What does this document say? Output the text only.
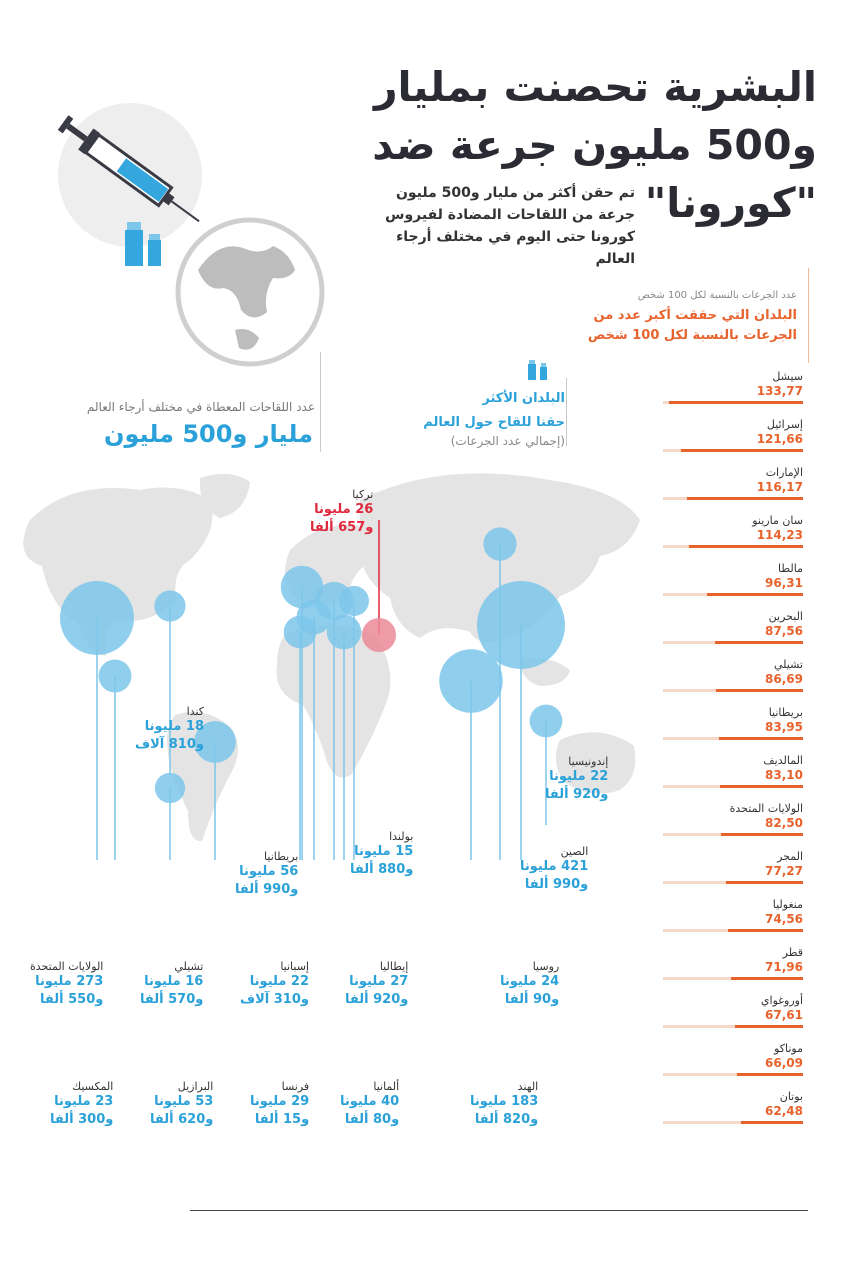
البشرية تحصنت بمليار
و500 مليون جرعة ضد
"كورونا"
تم حقن أكثر من مليار و500 مليون جرعة من اللقاحات المضادة لفيروس كورونا حتى اليوم في مختلف أرجاء العالم
عدد اللقاحات المعطاة في مختلف أرجاء العالم
مليار و500 مليون
البلدان الأكثر
حقنا للقاح حول العالم
(إجمالي عدد الجرعات)
عدد الجرعات بالنسبة لكل 100 شخص
البلدان التي حققت أكبر عدد من
الجرعات بالنسبة لكل 100 شخص
سيشل
133,77
إسرائيل
121,66
الإمارات
116,17
سان مارينو
114,23
مالطا
96,31
البحرين
87,56
تشيلي
86,69
بريطانيا
83,95
المالديف
83,10
الولايات المتحدة
82,50
المجر
77,27
منغوليا
74,56
قطر
71,96
أوروغواي
67,61
موناكو
66,09
بوتان
62,48
الولايات المتحدة
273 مليونا
و550 ألفا
المكسيك
23 مليونا
و300 ألفا
كندا
18 مليونا
و810 آلاف
تشيلي
16 مليونا
و570 ألفا
البرازيل
53 مليونا
و620 ألفا
بريطانيا
56 مليونا
و990 ألفا
إسبانيا
22 مليونا
و310 آلاف
فرنسا
29 مليونا
و15 ألفا
بولندا
15 مليونا
و880 ألفا
إيطاليا
27 مليونا
و920 ألفا
ألمانيا
40 مليونا
و80 ألفا
تركيا
26 مليونا
و657 ألفا
روسيا
24 مليونا
و90 ألفا
الهند
183 مليونا
و820 ألفا
الصين
421 مليونا
و990 ألفا
إندونيسيا
22 مليونا
و920 ألفا
